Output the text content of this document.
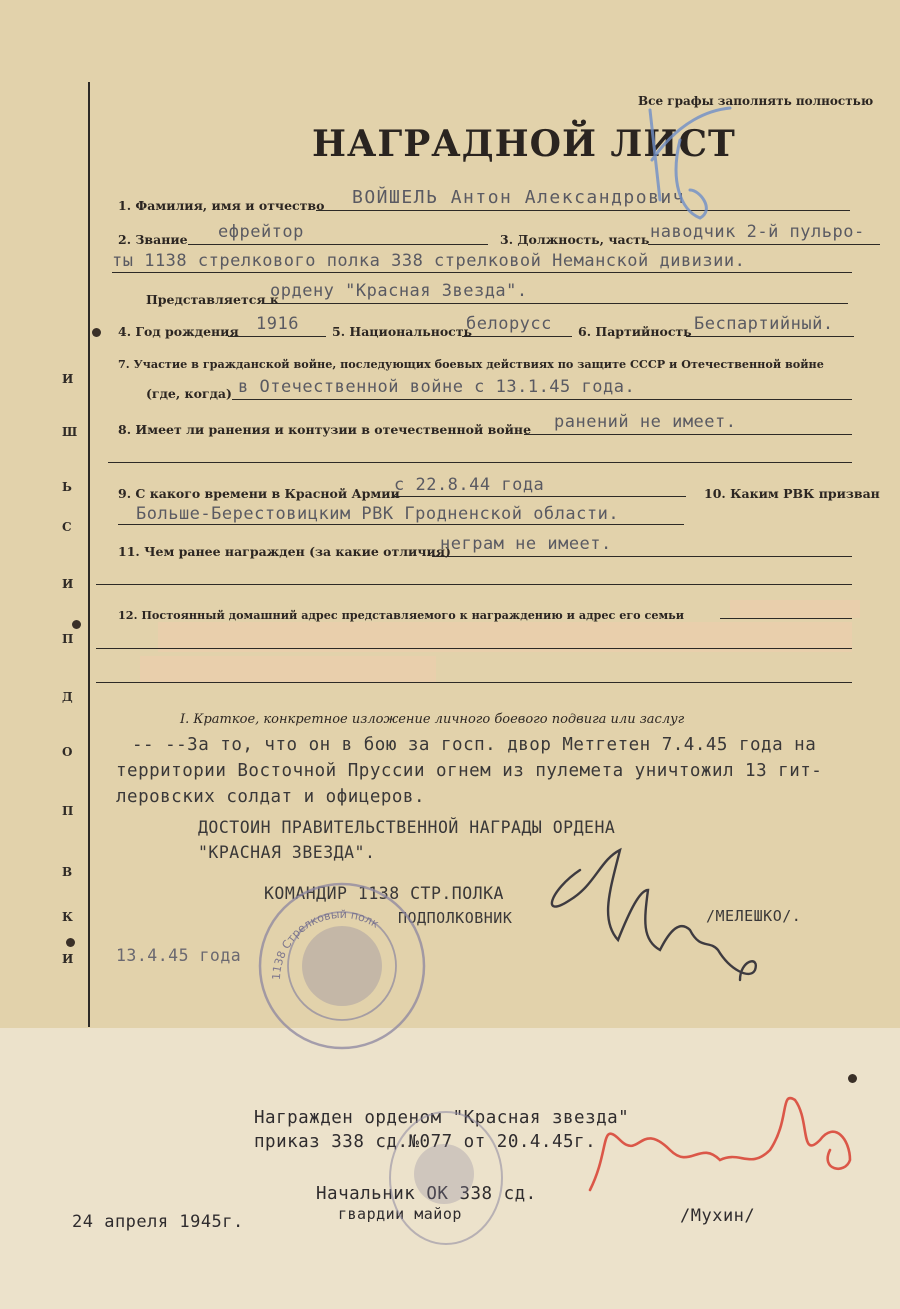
П
О
Д
П
И
С
Ь
Ш
И
В
К
И
Все графы заполнять полностью
НАГРАДНОЙ ЛИСТ
1. Фамилия, имя и отчество ВОЙШЕЛЬ Антон Александрович
2. Звание ефрейтор	3. Должность, часть наводчик 2-й пульро-
ты 1138 стрелкового полка 338 стрелковой Неманской дивизии.
Представляется к
ордену "Красная Звезда".
4. Год рождения 1916	5. Национальность
белорусс 6. Партийность Беспартийный.
7. Участие в гражданской войне, последующих боевых действиях по защите СССР и Отечественной войне
(где, когда) в Отечественной войне с 13.1.45 года.
8. Имеет ли ранения и контузии в отечественной войне ранений не имеет.
9. С какого времени в Красной Армии
с 22.8.44 года	10. Каким РВК призван
Больше-Берестовицким РВК Гродненской области.
11. Чем ранее награжден (за какие отличия)
неграм не имеет.
12. Постоянный домашний адрес представляемого к награждению и адрес его семьи
I. Краткое, конкретное изложение личного боевого подвига или заслуг
-- --За то, что он в бою за госп. двор Метгетен 7.4.45 года на
территории Восточной Пруссии огнем из пулемета уничтожил 13 гит-
леровских солдат и офицеров.
ДОСТОИН ПРАВИТЕЛЬСТВЕННОЙ НАГРАДЫ ОРДЕНА
"КРАСНАЯ ЗВЕЗДА".
КОМАНДИР 1138 СТР.ПОЛКА
ПОДПОЛКОВНИК	/МЕЛЕШКО/.
13.4.45 года
1138 Стрелковый полк
Награжден орденом "Красная звезда"
приказ 338 сд.№077 от 20.4.45г.
Начальник ОК 338 сд.
гвардии майор	/Мухин/
24 апреля 1945г.
